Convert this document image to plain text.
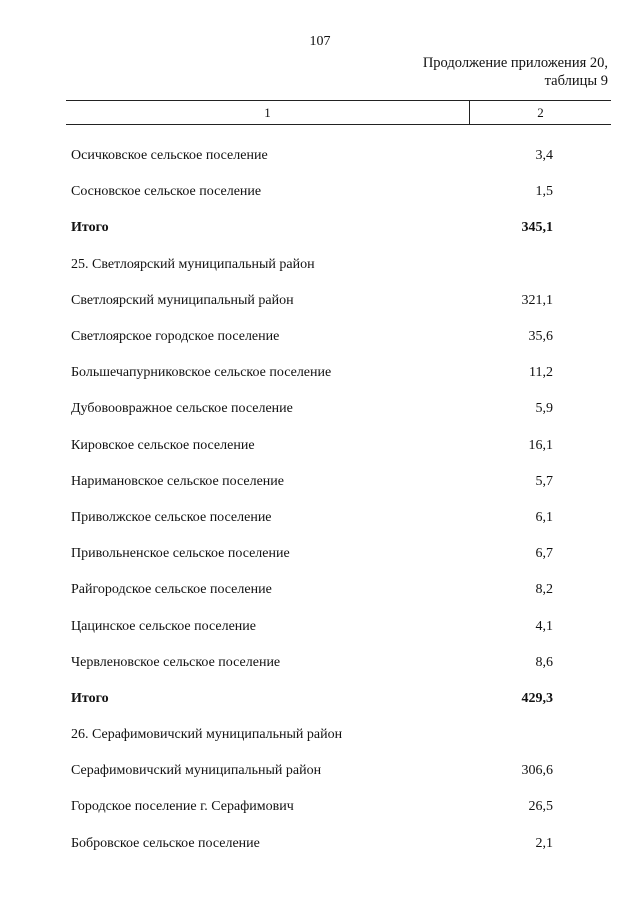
107
Продолжение приложения 20,
таблицы 9
1	2
Осичковское сельское поселение	3,4
Сосновское сельское поселение	1,5
Итого	345,1
25. Светлоярский муниципальный район
Светлоярский муниципальный район	321,1
Светлоярское городское поселение	35,6
Большечапурниковское сельское поселение	11,2
Дубовоовражное сельское поселение	5,9
Кировское сельское поселение	16,1
Наримановское сельское поселение	5,7
Приволжское сельское поселение	6,1
Привольненское сельское поселение	6,7
Райгородское сельское поселение	8,2
Цацинское сельское поселение	4,1
Червленовское сельское поселение	8,6
Итого	429,3
26. Серафимовичский муниципальный район
Серафимовичский муниципальный район	306,6
Городское поселение г. Серафимович	26,5
Бобровское сельское поселение	2,1
